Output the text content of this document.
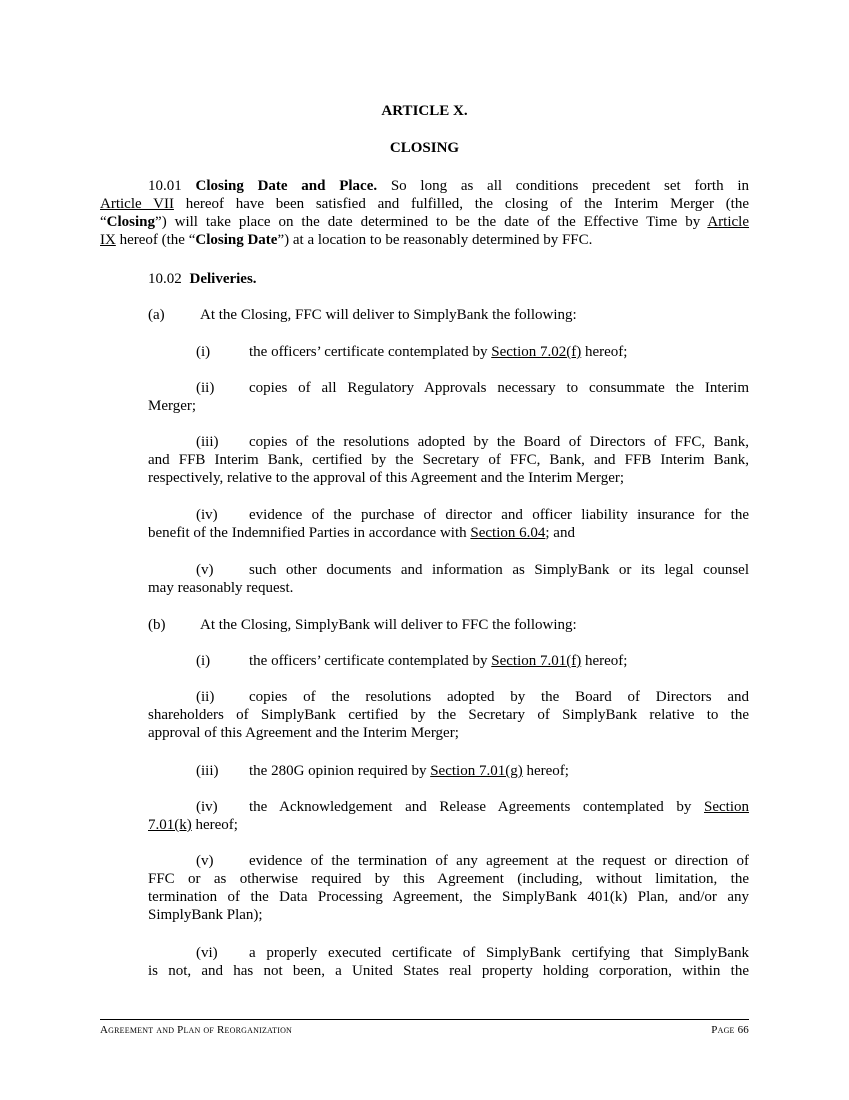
ARTICLE X.
CLOSING
10.01 Closing Date and Place. So long as all conditions precedent set forth in
Article VII hereof have been satisfied and fulfilled, the closing of the Interim Merger (the
“Closing”) will take place on the date determined to be the date of the Effective Time by Article
IX hereof (the “Closing Date”) at a location to be reasonably determined by FFC.
10.02 Deliveries.
(a) At the Closing, FFC will deliver to SimplyBank the following:
(i)	the officers’ certificate contemplated by Section 7.02(f) hereof;
(ii) copies of all Regulatory Approvals necessary to consummate the Interim
Merger;
(iii) copies of the resolutions adopted by the Board of Directors of FFC, Bank,
and FFB Interim Bank, certified by the Secretary of FFC, Bank, and FFB Interim Bank,
respectively, relative to the approval of this Agreement and the Interim Merger;
(iv) evidence of the purchase of director and officer liability insurance for the
benefit of the Indemnified Parties in accordance with Section 6.04; and
(v) such other documents and information as SimplyBank or its legal counsel
may reasonably request.
(b) At the Closing, SimplyBank will deliver to FFC the following:
(i)	the officers’ certificate contemplated by Section 7.01(f) hereof;
(ii) copies of the resolutions adopted by the Board of Directors and
shareholders of SimplyBank certified by the Secretary of SimplyBank relative to the
approval of this Agreement and the Interim Merger;
(iii) the 280G opinion required by Section 7.01(g) hereof;
(iv) the Acknowledgement and Release Agreements contemplated by Section
7.01(k) hereof;
(v) evidence of the termination of any agreement at the request or direction of
FFC or as otherwise required by this Agreement (including, without limitation, the
termination of the Data Processing Agreement, the SimplyBank 401(k) Plan, and/or any
SimplyBank Plan);
(vi) a properly executed certificate of SimplyBank certifying that SimplyBank
is not, and has not been, a United States real property holding corporation, within the
Agreement and Plan of Reorganization	Page 66
